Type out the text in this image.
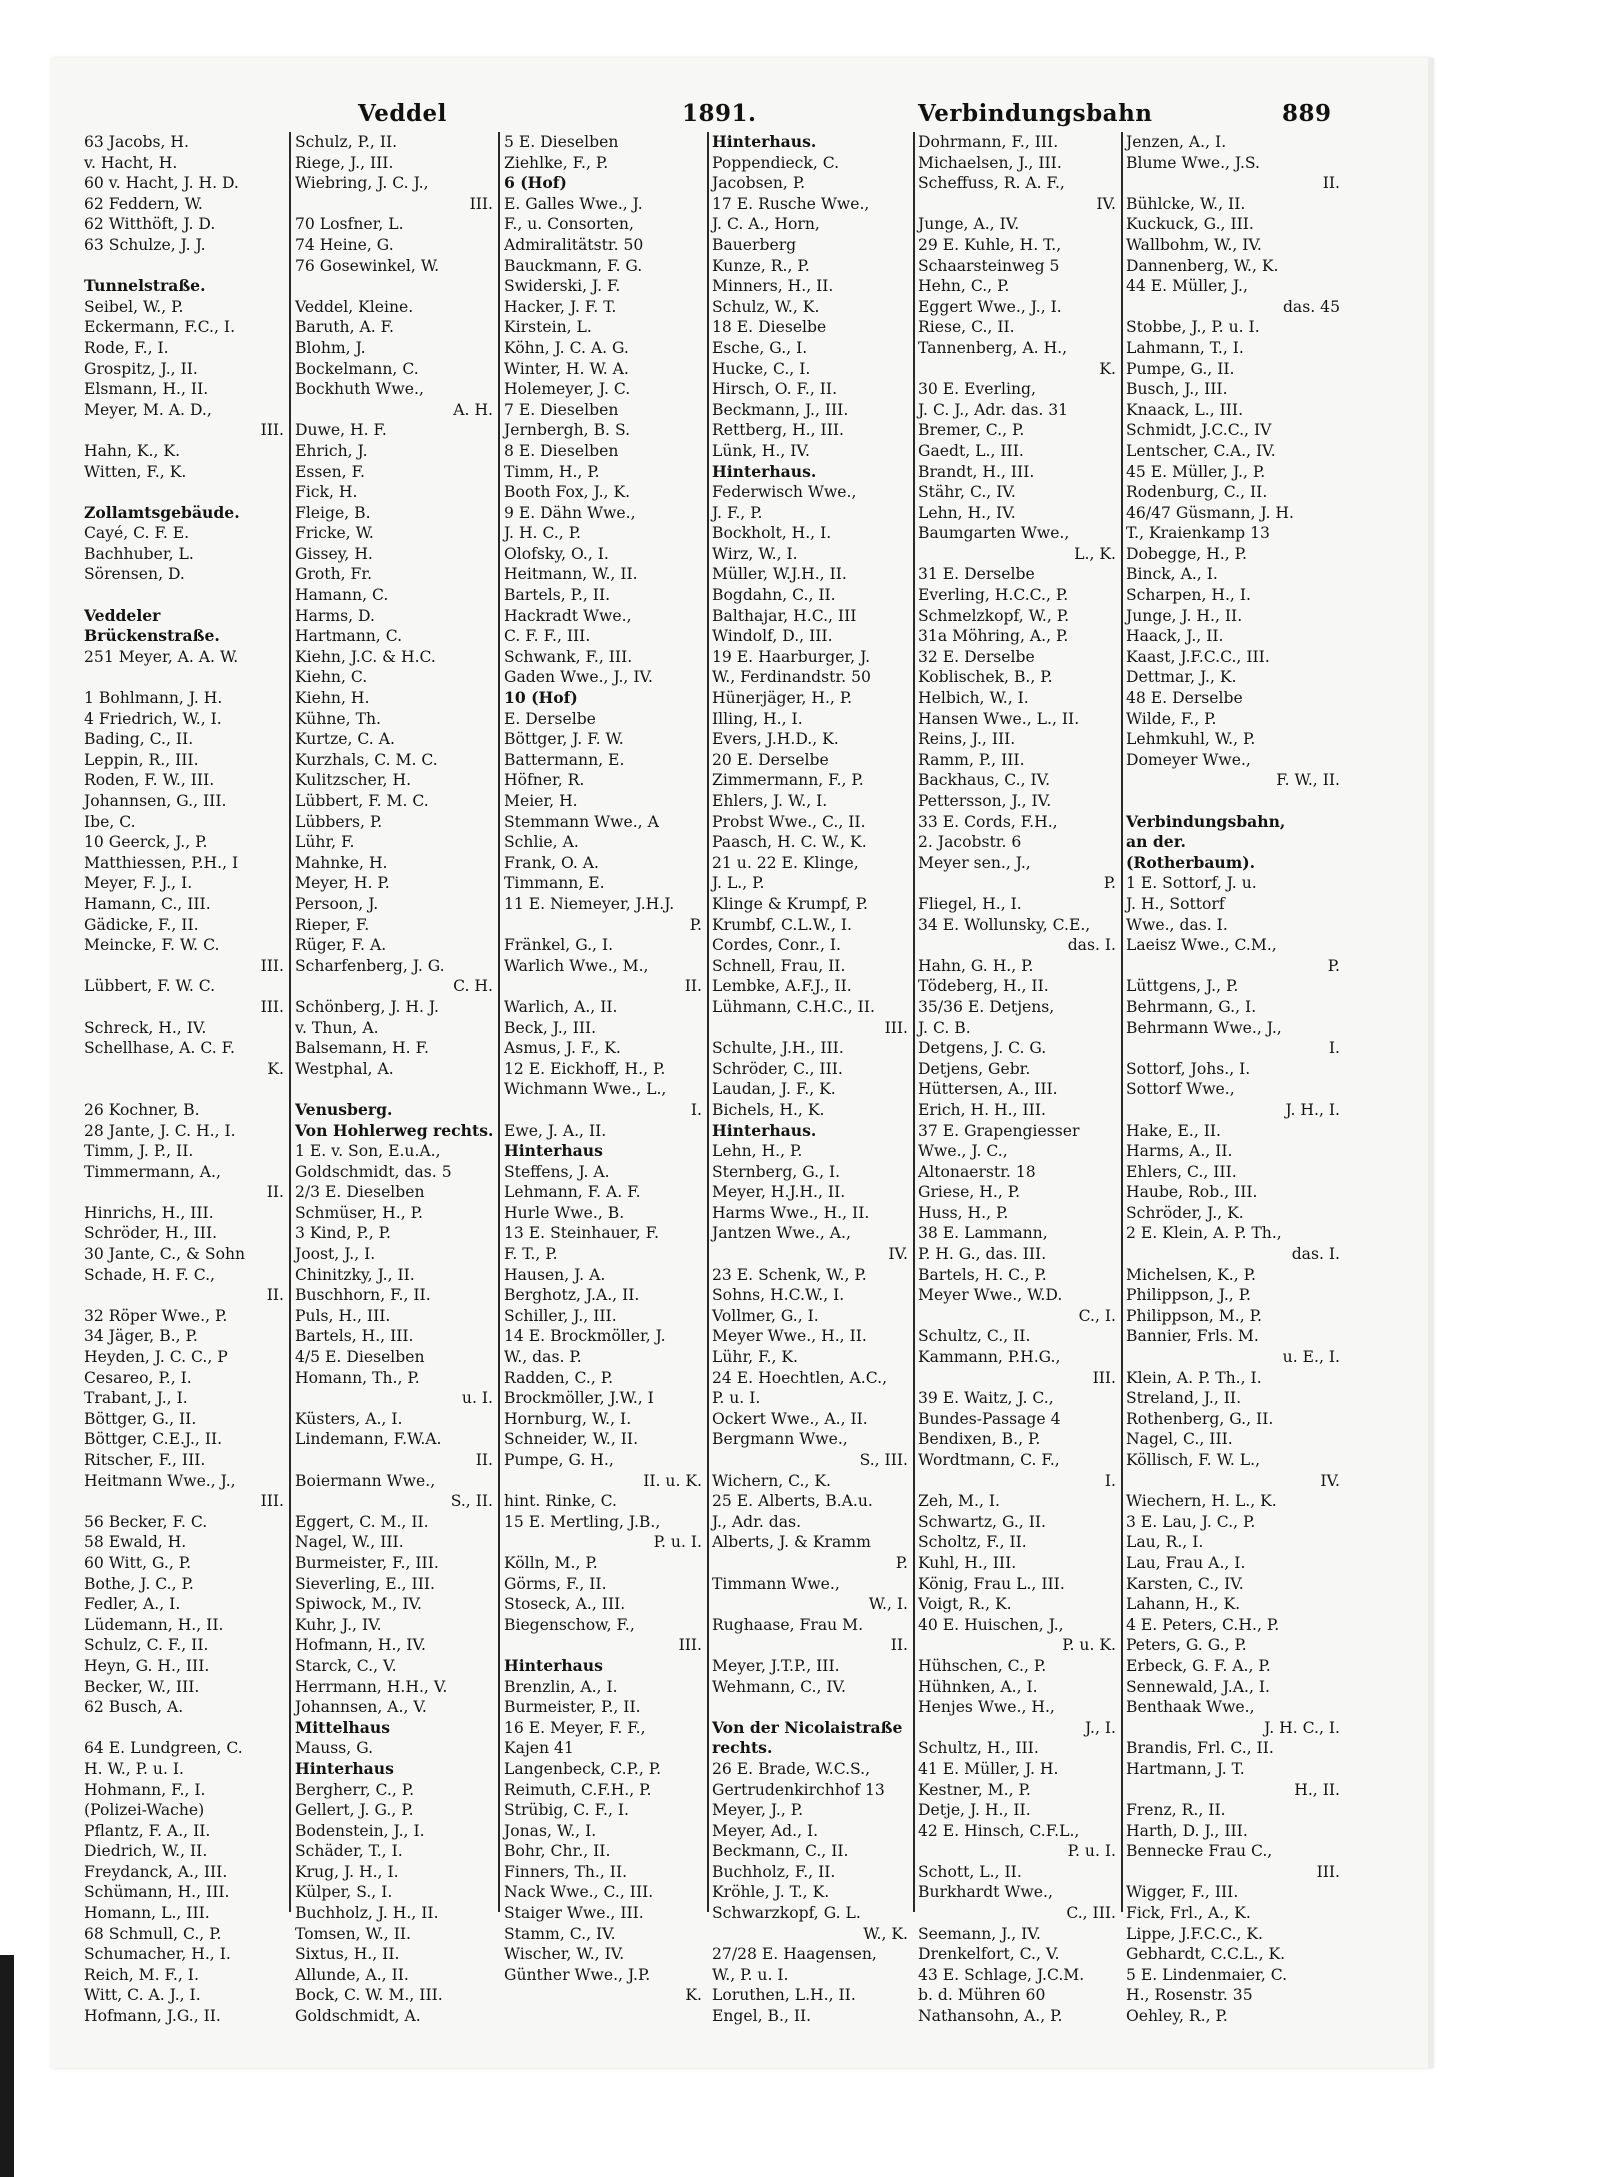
Veddel	1891.	Verbindungsbahn	889
63 Jacobs, H.
v. Hacht, H.
60 v. Hacht, J. H. D.
62 Feddern, W.
62 Witthöft, J. D.
63 Schulze, J. J.

Tunnelstraße.
Seibel, W., P.
Eckermann, F.C., I.
Rode, F., I.
Grospitz, J., II.
Elsmann, H., II.
Meyer, M. A. D.,
III.
Hahn, K., K.
Witten, F., K.

Zollamtsgebäude.
Cayé, C. F. E.
Bachhuber, L.
Sörensen, D.

Veddeler
Brückenstraße.
251 Meyer, A. A. W.

1 Bohlmann, J. H.
4 Friedrich, W., I.
Bading, C., II.
Leppin, R., III.
Roden, F. W., III.
Johannsen, G., III.
Ibe, C.
10 Geerck, J., P.
Matthiessen, P.H., I
Meyer, F. J., I.
Hamann, C., III.
Gädicke, F., II.
Meincke, F. W. C.
III.
Lübbert, F. W. C.
III.
Schreck, H., IV.
Schellhase, A. C. F.
K.

26 Kochner, B.
28 Jante, J. C. H., I.
Timm, J. P., II.
Timmermann, A.,
II.
Hinrichs, H., III.
Schröder, H., III.
30 Jante, C., & Sohn
Schade, H. F. C.,
II.
32 Röper Wwe., P.
34 Jäger, B., P.
Heyden, J. C. C., P
Cesareo, P., I.
Trabant, J., I.
Böttger, G., II.
Böttger, C.E.J., II.
Ritscher, F., III.
Heitmann Wwe., J.,
III.
56 Becker, F. C.
58 Ewald, H.
60 Witt, G., P.
Bothe, J. C., P.
Fedler, A., I.
Lüdemann, H., II.
Schulz, C. F., II.
Heyn, G. H., III.
Becker, W., III.
62 Busch, A.

64 E. Lundgreen, C.
H. W., P. u. I.
Hohmann, F., I.
(Polizei-Wache)
Pflantz, F. A., II.
Diedrich, W., II.
Freydanck, A., III.
Schümann, H., III.
Homann, L., III.
68 Schmull, C., P.
Schumacher, H., I.
Reich, M. F., I.
Witt, C. A. J., I.
Hofmann, J.G., II.
Schulz, P., II.
Riege, J., III.
Wiebring, J. C. J.,
III.
70 Losfner, L.
74 Heine, G.
76 Gosewinkel, W.

Veddel, Kleine.
Baruth, A. F.
Blohm, J.
Bockelmann, C.
Bockhuth Wwe.,
A. H.
Duwe, H. F.
Ehrich, J.
Essen, F.
Fick, H.
Fleige, B.
Fricke, W.
Gissey, H.
Groth, Fr.
Hamann, C.
Harms, D.
Hartmann, C.
Kiehn, J.C. & H.C.
Kiehn, C.
Kiehn, H.
Kühne, Th.
Kurtze, C. A.
Kurzhals, C. M. C.
Kulitzscher, H.
Lübbert, F. M. C.
Lübbers, P.
Lühr, F.
Mahnke, H.
Meyer, H. P.
Persoon, J.
Rieper, F.
Rüger, F. A.
Scharfenberg, J. G.
C. H.
Schönberg, J. H. J.
v. Thun, A.
Balsemann, H. F.
Westphal, A.

Venusberg.
Von Hohlerweg rechts.
1 E. v. Son, E.u.A.,
Goldschmidt, das. 5
2/3 E. Dieselben
Schmüser, H., P.
3 Kind, P., P.
Joost, J., I.
Chinitzky, J., II.
Buschhorn, F., II.
Puls, H., III.
Bartels, H., III.
4/5 E. Dieselben
Homann, Th., P.
u. I.
Küsters, A., I.
Lindemann, F.W.A.
II.
Boiermann Wwe.,
S., II.
Eggert, C. M., II.
Nagel, W., III.
Burmeister, F., III.
Sieverling, E., III.
Spiwock, M., IV.
Kuhr, J., IV.
Hofmann, H., IV.
Starck, C., V.
Herrmann, H.H., V.
Johannsen, A., V.
Mittelhaus
Mauss, G.
Hinterhaus
Bergherr, C., P.
Gellert, J. G., P.
Bodenstein, J., I.
Schäder, T., I.
Krug, J. H., I.
Külper, S., I.
Buchholz, J. H., II.
Tomsen, W., II.
Sixtus, H., II.
Allunde, A., II.
Bock, C. W. M., III.
Goldschmidt, A.
5 E. Dieselben
Ziehlke, F., P.
6 (Hof)
E. Galles Wwe., J.
F., u. Consorten,
Admiralitätstr. 50
Bauckmann, F. G.
Swiderski, J. F.
Hacker, J. F. T.
Kirstein, L.
Köhn, J. C. A. G.
Winter, H. W. A.
Holemeyer, J. C.
7 E. Dieselben
Jernbergh, B. S.
8 E. Dieselben
Timm, H., P.
Booth Fox, J., K.
9 E. Dähn Wwe.,
J. H. C., P.
Olofsky, O., I.
Heitmann, W., II.
Bartels, P., II.
Hackradt Wwe.,
C. F. F., III.
Schwank, F., III.
Gaden Wwe., J., IV.
10 (Hof)
E. Derselbe
Böttger, J. F. W.
Battermann, E.
Höfner, R.
Meier, H.
Stemmann Wwe., A
Schlie, A.
Frank, O. A.
Timmann, E.
11 E. Niemeyer, J.H.J.
P.
Fränkel, G., I.
Warlich Wwe., M.,
II.
Warlich, A., II.
Beck, J., III.
Asmus, J. F., K.
12 E. Eickhoff, H., P.
Wichmann Wwe., L.,
I.
Ewe, J. A., II.
Hinterhaus
Steffens, J. A.
Lehmann, F. A. F.
Hurle Wwe., B.
13 E. Steinhauer, F.
F. T., P.
Hausen, J. A.
Berghotz, J.A., II.
Schiller, J., III.
14 E. Brockmöller, J.
W., das. P.
Radden, C., P.
Brockmöller, J.W., I
Hornburg, W., I.
Schneider, W., II.
Pumpe, G. H.,
II. u. K.
hint. Rinke, C.
15 E. Mertling, J.B.,
P. u. I.
Kölln, M., P.
Görms, F., II.
Stoseck, A., III.
Biegenschow, F.,
III.
Hinterhaus
Brenzlin, A., I.
Burmeister, P., II.
16 E. Meyer, F. F.,
Kajen 41
Langenbeck, C.P., P.
Reimuth, C.F.H., P.
Strübig, C. F., I.
Jonas, W., I.
Bohr, Chr., II.
Finners, Th., II.
Nack Wwe., C., III.
Staiger Wwe., III.
Stamm, C., IV.
Wischer, W., IV.
Günther Wwe., J.P.
K.
Hinterhaus.
Poppendieck, C.
Jacobsen, P.
17 E. Rusche Wwe.,
J. C. A., Horn,
Bauerberg
Kunze, R., P.
Minners, H., II.
Schulz, W., K.
18 E. Dieselbe
Esche, G., I.
Hucke, C., I.
Hirsch, O. F., II.
Beckmann, J., III.
Rettberg, H., III.
Lünk, H., IV.
Hinterhaus.
Federwisch Wwe.,
J. F., P.
Bockholt, H., I.
Wirz, W., I.
Müller, W.J.H., II.
Bogdahn, C., II.
Balthajar, H.C., III
Windolf, D., III.
19 E. Haarburger, J.
W., Ferdinandstr. 50
Hünerjäger, H., P.
Illing, H., I.
Evers, J.H.D., K.
20 E. Derselbe
Zimmermann, F., P.
Ehlers, J. W., I.
Probst Wwe., C., II.
Paasch, H. C. W., K.
21 u. 22 E. Klinge,
J. L., P.
Klinge & Krumpf, P.
Krumbf, C.L.W., I.
Cordes, Conr., I.
Schnell, Frau, II.
Lembke, A.F.J., II.
Lühmann, C.H.C., II.
III.
Schulte, J.H., III.
Schröder, C., III.
Laudan, J. F., K.
Bichels, H., K.
Hinterhaus.
Lehn, H., P.
Sternberg, G., I.
Meyer, H.J.H., II.
Harms Wwe., H., II.
Jantzen Wwe., A.,
IV.
23 E. Schenk, W., P.
Sohns, H.C.W., I.
Vollmer, G., I.
Meyer Wwe., H., II.
Lühr, F., K.
24 E. Hoechtlen, A.C.,
P. u. I.
Ockert Wwe., A., II.
Bergmann Wwe.,
S., III.
Wichern, C., K.
25 E. Alberts, B.A.u.
J., Adr. das.
Alberts, J. & Kramm
P.
Timmann Wwe.,
W., I.
Rughaase, Frau M.
II.
Meyer, J.T.P., III.
Wehmann, C., IV.

Von der Nicolaistraße
rechts.
26 E. Brade, W.C.S.,
Gertrudenkirchhof 13
Meyer, J., P.
Meyer, Ad., I.
Beckmann, C., II.
Buchholz, F., II.
Kröhle, J. T., K.
Schwarzkopf, G. L.
W., K.
27/28 E. Haagensen,
W., P. u. I.
Loruthen, L.H., II.
Engel, B., II.
Dohrmann, F., III.
Michaelsen, J., III.
Scheffuss, R. A. F.,
IV.
Junge, A., IV.
29 E. Kuhle, H. T.,
Schaarsteinweg 5
Hehn, C., P.
Eggert Wwe., J., I.
Riese, C., II.
Tannenberg, A. H.,
K.
30 E. Everling,
J. C. J., Adr. das. 31
Bremer, C., P.
Gaedt, L., III.
Brandt, H., III.
Stähr, C., IV.
Lehn, H., IV.
Baumgarten Wwe.,
L., K.
31 E. Derselbe
Everling, H.C.C., P.
Schmelzkopf, W., P.
31a Möhring, A., P.
32 E. Derselbe
Koblischek, B., P.
Helbich, W., I.
Hansen Wwe., L., II.
Reins, J., III.
Ramm, P., III.
Backhaus, C., IV.
Pettersson, J., IV.
33 E. Cords, F.H.,
2. Jacobstr. 6
Meyer sen., J.,
P.
Fliegel, H., I.
34 E. Wollunsky, C.E.,
das. I.
Hahn, G. H., P.
Tödeberg, H., II.
35/36 E. Detjens,
J. C. B.
Detgens, J. C. G.
Detjens, Gebr.
Hüttersen, A., III.
Erich, H. H., III.
37 E. Grapengiesser
Wwe., J. C.,
Altonaerstr. 18
Griese, H., P.
Huss, H., P.
38 E. Lammann,
P. H. G., das. III.
Bartels, H. C., P.
Meyer Wwe., W.D.
C., I.
Schultz, C., II.
Kammann, P.H.G.,
III.
39 E. Waitz, J. C.,
Bundes-Passage 4
Bendixen, B., P.
Wordtmann, C. F.,
I.
Zeh, M., I.
Schwartz, G., II.
Scholtz, F., II.
Kuhl, H., III.
König, Frau L., III.
Voigt, R., K.
40 E. Huischen, J.,
P. u. K.
Hühschen, C., P.
Hühnken, A., I.
Henjes Wwe., H.,
J., I.
Schultz, H., III.
41 E. Müller, J. H.
Kestner, M., P.
Detje, J. H., II.
42 E. Hinsch, C.F.L.,
P. u. I.
Schott, L., II.
Burkhardt Wwe.,
C., III.
Seemann, J., IV.
Drenkelfort, C., V.
43 E. Schlage, J.C.M.
b. d. Mühren 60
Nathansohn, A., P.
Jenzen, A., I.
Blume Wwe., J.S.
II.
Bühlcke, W., II.
Kuckuck, G., III.
Wallbohm, W., IV.
Dannenberg, W., K.
44 E. Müller, J.,
das. 45
Stobbe, J., P. u. I.
Lahmann, T., I.
Pumpe, G., II.
Busch, J., III.
Knaack, L., III.
Schmidt, J.C.C., IV
Lentscher, C.A., IV.
45 E. Müller, J., P.
Rodenburg, C., II.
46/47 Güsmann, J. H.
T., Kraienkamp 13
Dobegge, H., P.
Binck, A., I.
Scharpen, H., I.
Junge, J. H., II.
Haack, J., II.
Kaast, J.F.C.C., III.
Dettmar, J., K.
48 E. Derselbe
Wilde, F., P.
Lehmkuhl, W., P.
Domeyer Wwe.,
F. W., II.

Verbindungsbahn,
an der.
(Rotherbaum).
1 E. Sottorf, J. u.
J. H., Sottorf
Wwe., das. I.
Laeisz Wwe., C.M.,
P.
Lüttgens, J., P.
Behrmann, G., I.
Behrmann Wwe., J.,
I.
Sottorf, Johs., I.
Sottorf Wwe.,
J. H., I.
Hake, E., II.
Harms, A., II.
Ehlers, C., III.
Haube, Rob., III.
Schröder, J., K.
2 E. Klein, A. P. Th.,
das. I.
Michelsen, K., P.
Philippson, J., P.
Philippson, M., P.
Bannier, Frls. M.
u. E., I.
Klein, A. P. Th., I.
Streland, J., II.
Rothenberg, G., II.
Nagel, C., III.
Köllisch, F. W. L.,
IV.
Wiechern, H. L., K.
3 E. Lau, J. C., P.
Lau, R., I.
Lau, Frau A., I.
Karsten, C., IV.
Lahann, H., K.
4 E. Peters, C.H., P.
Peters, G. G., P.
Erbeck, G. F. A., P.
Sennewald, J.A., I.
Benthaak Wwe.,
J. H. C., I.
Brandis, Frl. C., II.
Hartmann, J. T.
H., II.
Frenz, R., II.
Harth, D. J., III.
Bennecke Frau C.,
III.
Wigger, F., III.
Fick, Frl., A., K.
Lippe, J.F.C.C., K.
Gebhardt, C.C.L., K.
5 E. Lindenmaier, C.
H., Rosenstr. 35
Oehley, R., P.
